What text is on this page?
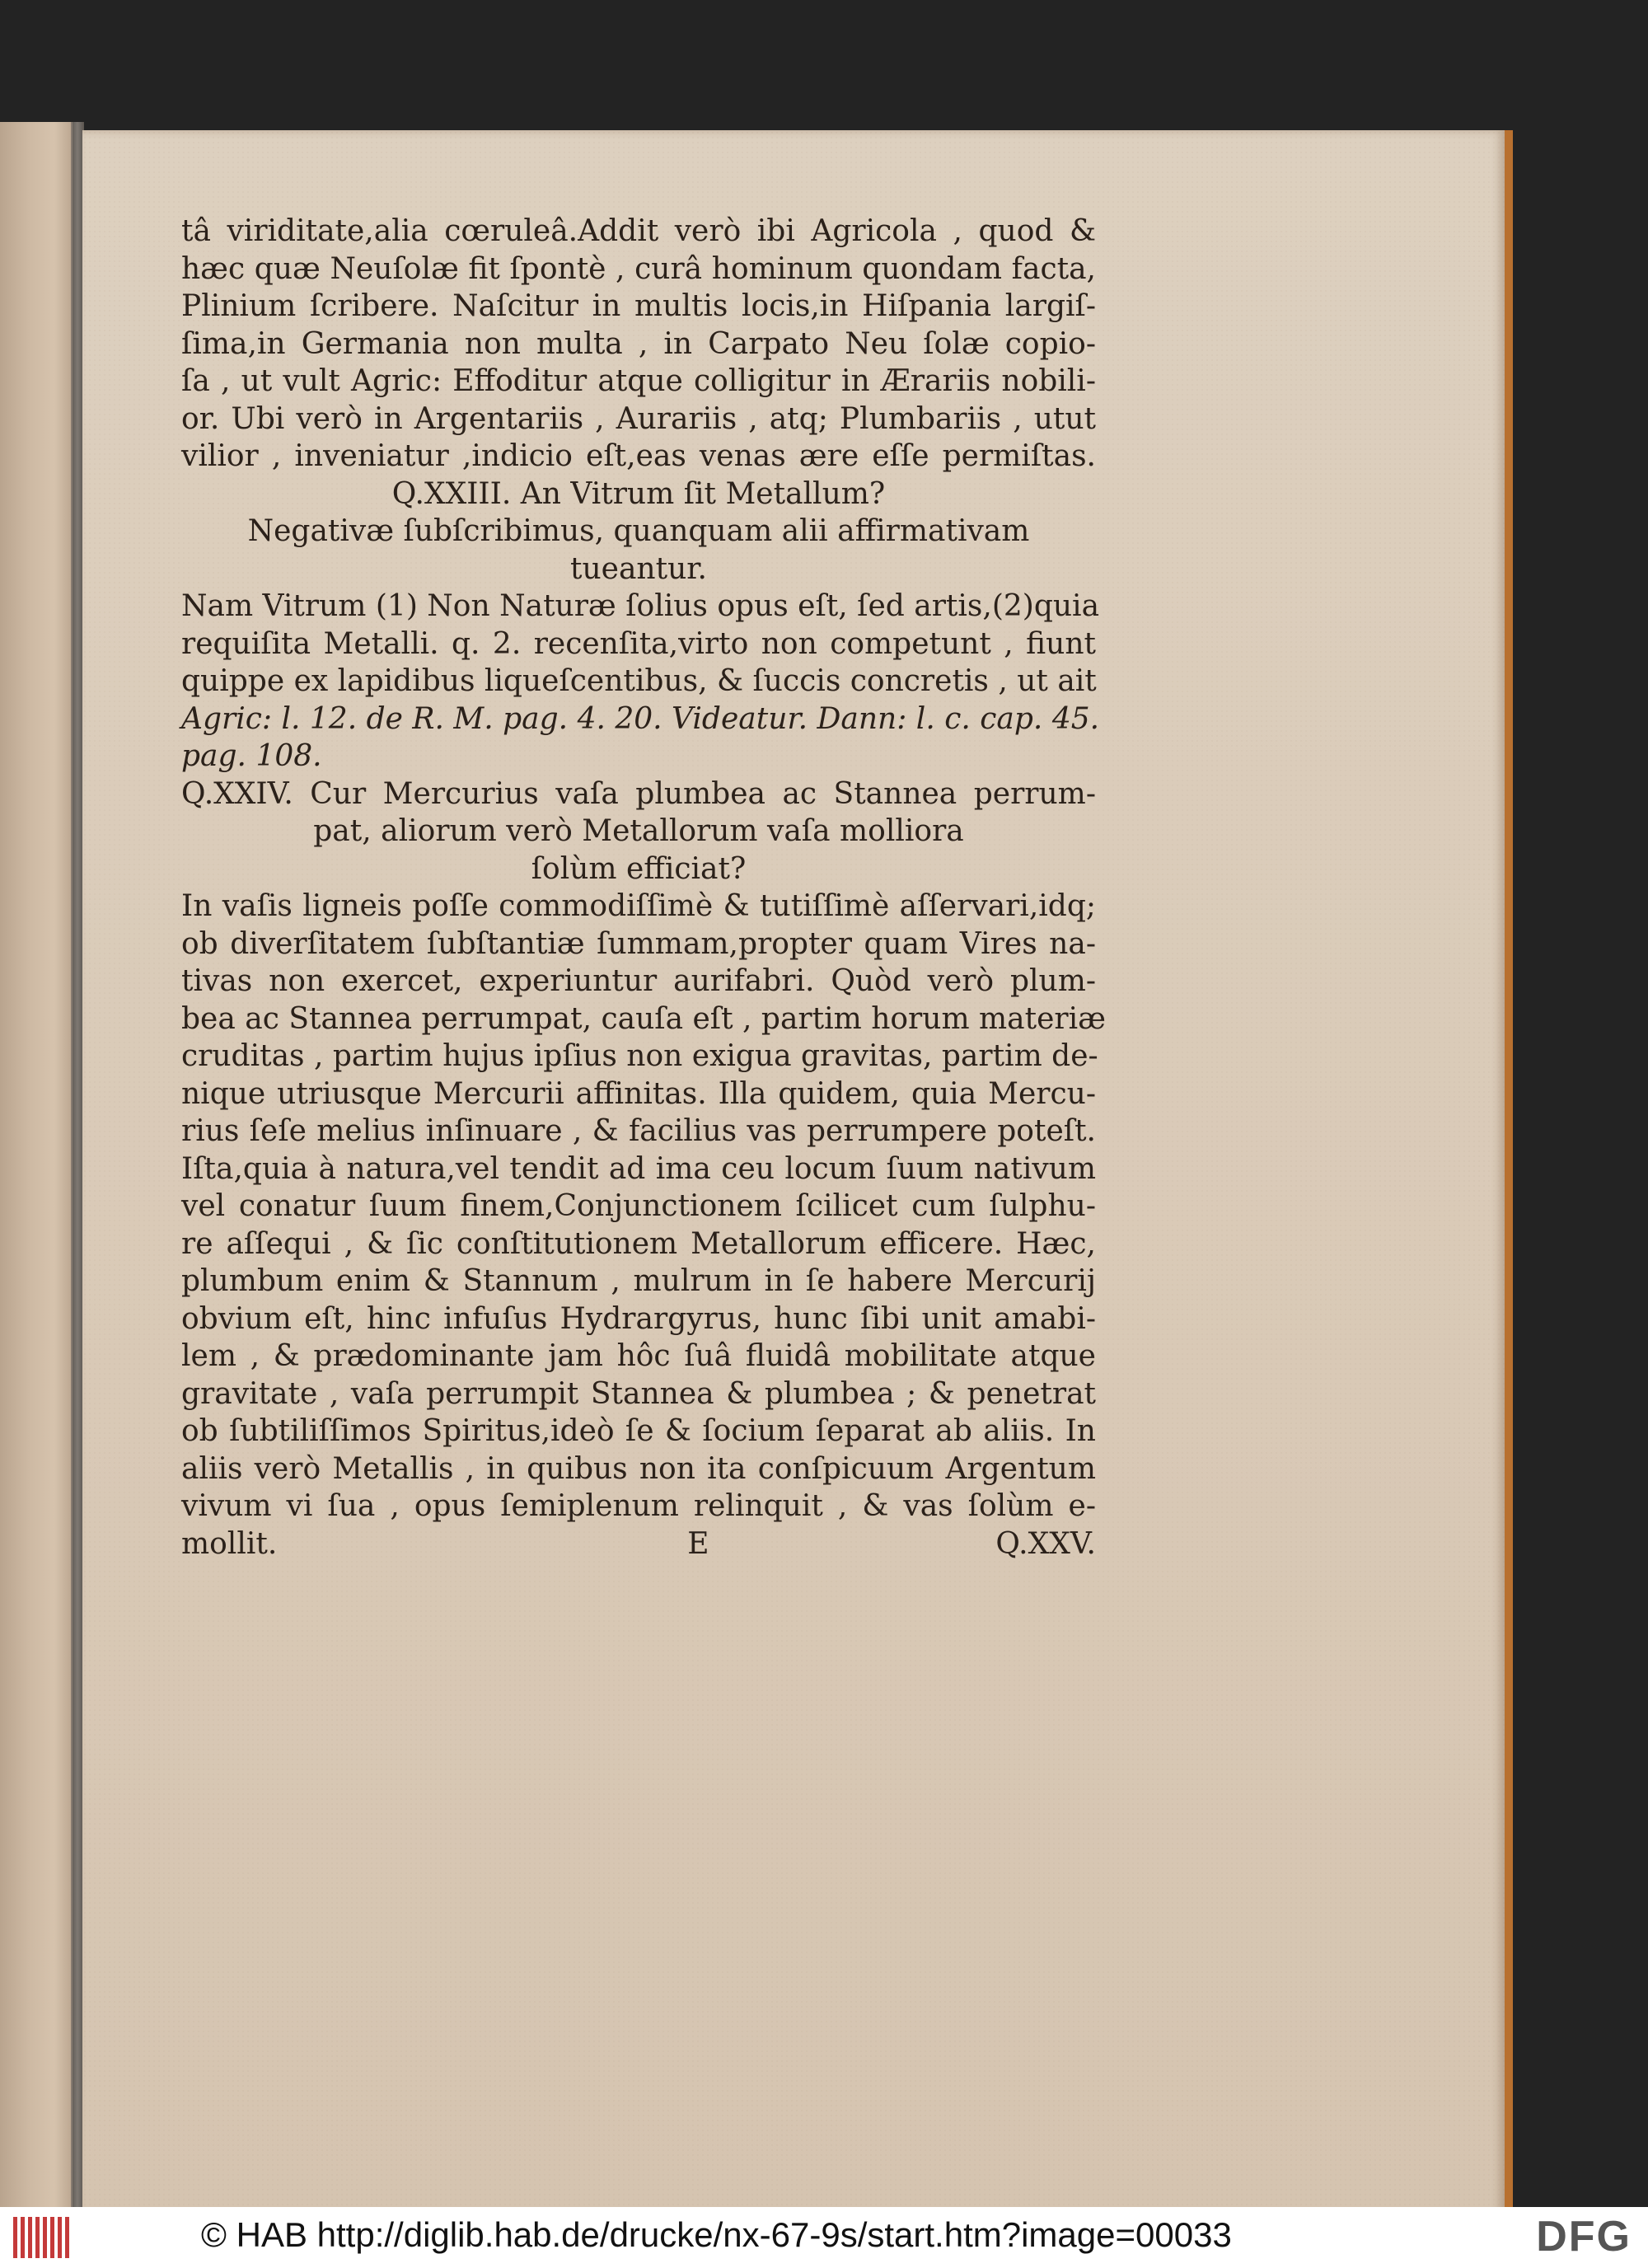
tâ viriditate,alia cœruleâ.Addit verò ibi Agricola , quod &
hæc quæ Neuſolæ fit ſpontè , curâ hominum quondam facta,
Plinium ſcribere. Naſcitur in multis locis,in Hiſpania largiſ-
ſima,in Germania non multa , in Carpato Neu ſolæ copio-
ſa , ut vult Agric: Effoditur atque colligitur in Ærariis nobili-
or. Ubi verò in Argentariis , Aurariis , atq; Plumbariis , utut
vilior , inveniatur ,indicio eſt,eas venas ære eſſe permiſtas.
Q.XXIII. An Vitrum ſit Metallum?
Negativæ ſubſcribimus, quanquam alii affirmativam
tueantur.
Nam Vitrum (1) Non Naturæ ſolius opus eſt, ſed artis,(2)quia
requiſita Metalli. q. 2. recenſita,virto non competunt , fiunt
quippe ex lapidibus liqueſcentibus, & ſuccis concretis , ut ait
Agric: l. 12. de R. M. pag. 4. 20. Videatur. Dann: l. c. cap. 45.
pag. 108.
Q.XXIV. Cur Mercurius vaſa plumbea ac Stannea perrum-
pat, aliorum verò Metallorum vaſa molliora
ſolùm efficiat?
In vaſis ligneis poſſe commodiſſimè & tutiſſimè aſſervari,idq;
ob diverſitatem ſubſtantiæ ſummam,propter quam Vires na-
tivas non exercet, experiuntur aurifabri. Quòd verò plum-
bea ac Stannea perrumpat, cauſa eſt , partim horum materiæ
cruditas , partim hujus ipſius non exigua gravitas, partim de-
nique utriusque Mercurii affinitas. Illa quidem, quia Mercu-
rius ſeſe melius inſinuare , & facilius vas perrumpere poteſt.
Iſta,quia à natura,vel tendit ad ima ceu locum ſuum nativum
vel conatur ſuum finem,Conjunctionem ſcilicet cum ſulphu-
re aſſequi , & ſic conſtitutionem Metallorum efficere. Hæc,
plumbum enim & Stannum , mulrum in ſe habere Mercurij
obvium eſt, hinc infuſus Hydrargyrus, hunc ſibi unit amabi-
lem , & prædominante jam hôc ſuâ fluidâ mobilitate atque
gravitate , vaſa perrumpit Stannea & plumbea ; & penetrat
ob ſubtiliſſimos Spiritus,ideò ſe & ſocium ſeparat ab aliis. In
aliis verò Metallis , in quibus non ita conſpicuum Argentum
vivum vi ſua , opus ſemiplenum relinquit , & vas ſolùm e-
mollit.	E	Q.XXV.
© HAB http://diglib.hab.de/drucke/nx-67-9s/start.htm?image=00033	DFG
